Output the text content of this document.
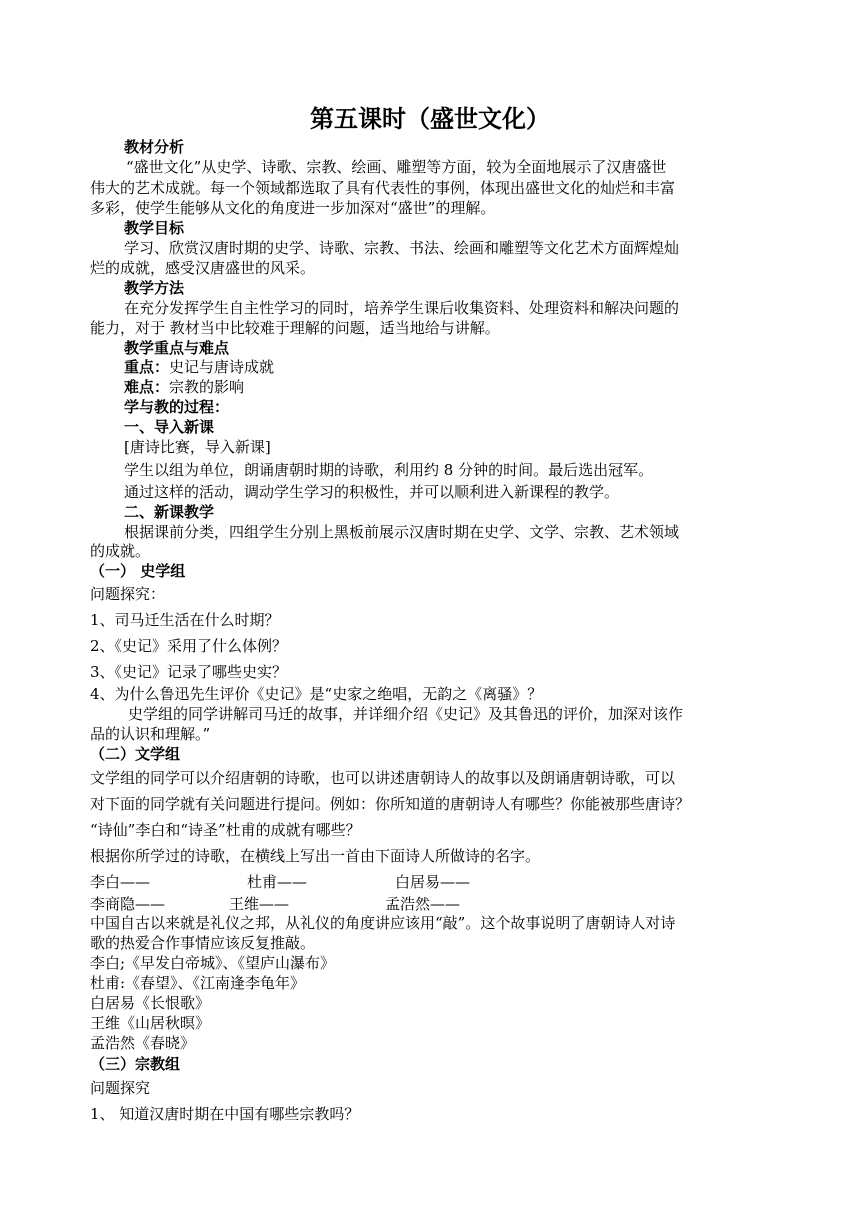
第五课时（盛世文化）
教材分析
“盛世文化”从史学、诗歌、宗教、绘画、雕塑等方面，较为全面地展示了汉唐盛世
伟大的艺术成就。每一个领域都选取了具有代表性的事例，体现出盛世文化的灿烂和丰富
多彩，使学生能够从文化的角度进一步加深对“盛世”的理解。
教学目标
学习、欣赏汉唐时期的史学、诗歌、宗教、书法、绘画和雕塑等文化艺术方面辉煌灿
烂的成就，感受汉唐盛世的风采。
教学方法
在充分发挥学生自主性学习的同时，培养学生课后收集资料、处理资料和解决问题的
能力，对于 教材当中比较难于理解的问题，适当地给与讲解。
教学重点与难点
重点：史记与唐诗成就
难点：宗教的影响
学与教的过程：
一、导入新课
[唐诗比赛，导入新课]
学生以组为单位，朗诵唐朝时期的诗歌，利用约 8 分钟的时间。最后选出冠军。
通过这样的活动，调动学生学习的积极性，并可以顺利进入新课程的教学。
二、新课教学
根据课前分类，四组学生分别上黑板前展示汉唐时期在史学、文学、宗教、艺术领域
的成就。
（一） 史学组
问题探究：
1、司马迁生活在什么时期？
2、《史记》采用了什么体例？
3、《史记》记录了哪些史实？
4、为什么鲁迅先生评价《史记》是“史家之绝唱，无韵之《离骚》？
史学组的同学讲解司马迁的故事，并详细介绍《史记》及其鲁迅的评价，加深对该作
品的认识和理解。”
（二）文学组
文学组的同学可以介绍唐朝的诗歌，也可以讲述唐朝诗人的故事以及朗诵唐朝诗歌，可以
对下面的同学就有关问题进行提问。例如：你所知道的唐朝诗人有哪些？你能被那些唐诗？
“诗仙”李白和“诗圣”杜甫的成就有哪些？
根据你所学过的诗歌，在横线上写出一首由下面诗人所做诗的名字。
李白——	杜甫——	白居易——
李商隐——	王维——	孟浩然——
中国自古以来就是礼仪之邦，从礼仪的角度讲应该用“敲”。这个故事说明了唐朝诗人对诗
歌的热爱合作事情应该反复推敲。
李白;《早发白帝城》、《望庐山瀑布》
杜甫:《春望》、《江南逢李龟年》
白居易《长恨歌》
王维《山居秋暝》
孟浩然《春晓》
（三）宗教组
问题探究
1、 知道汉唐时期在中国有哪些宗教吗？
